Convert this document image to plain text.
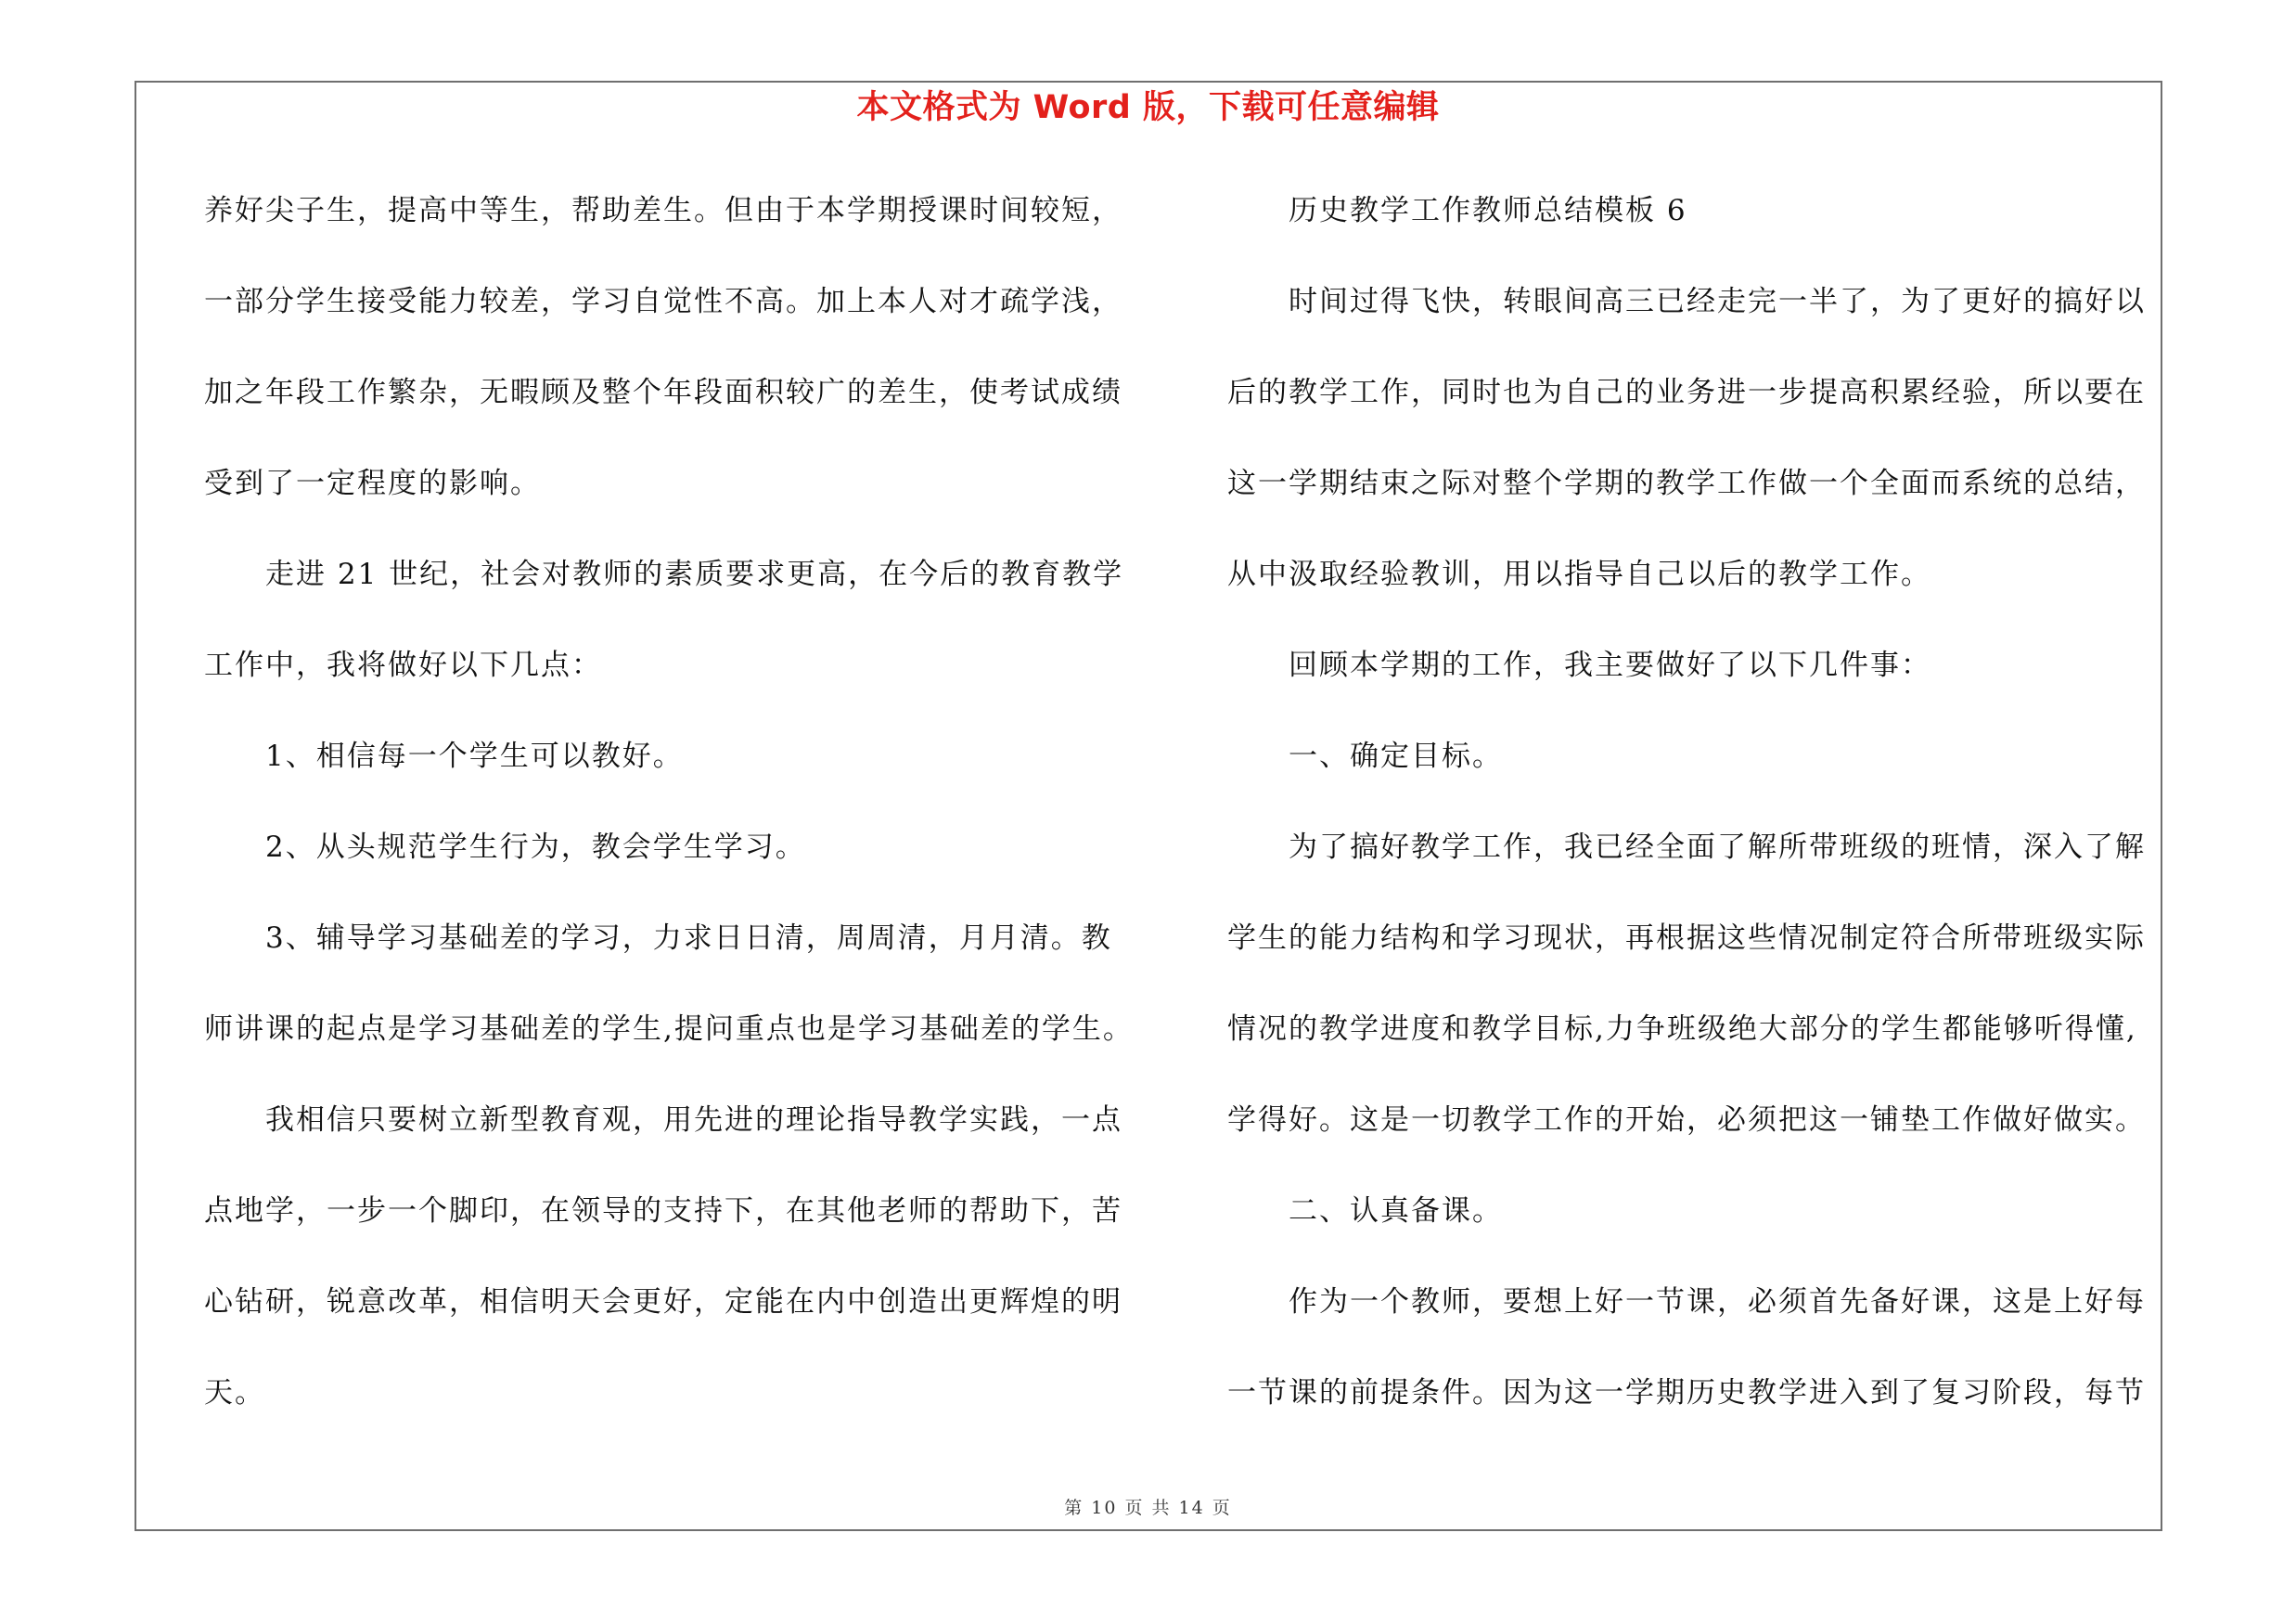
本文格式为 Word 版，下载可任意编辑
养好尖子生，提高中等生，帮助差生。但由于本学期授课时间较短，
一部分学生接受能力较差，学习自觉性不高。加上本人对才疏学浅，
加之年段工作繁杂，无暇顾及整个年段面积较广的差生，使考试成绩
受到了一定程度的影响。
走进 21 世纪，社会对教师的素质要求更高，在今后的教育教学
工作中，我将做好以下几点：
1、相信每一个学生可以教好。
2、从头规范学生行为，教会学生学习。
3、辅导学习基础差的学习，力求日日清，周周清，月月清。教
师讲课的起点是学习基础差的学生,提问重点也是学习基础差的学生。
我相信只要树立新型教育观，用先进的理论指导教学实践，一点
点地学，一步一个脚印，在领导的支持下，在其他老师的帮助下，苦
心钻研，锐意改革，相信明天会更好，定能在内中创造出更辉煌的明
天。
历史教学工作教师总结模板 6
时间过得飞快，转眼间高三已经走完一半了，为了更好的搞好以
后的教学工作，同时也为自己的业务进一步提高积累经验，所以要在
这一学期结束之际对整个学期的教学工作做一个全面而系统的总结，
从中汲取经验教训，用以指导自己以后的教学工作。
回顾本学期的工作，我主要做好了以下几件事：
一、确定目标。
为了搞好教学工作，我已经全面了解所带班级的班情，深入了解
学生的能力结构和学习现状，再根据这些情况制定符合所带班级实际
情况的教学进度和教学目标,力争班级绝大部分的学生都能够听得懂,
学得好。这是一切教学工作的开始，必须把这一铺垫工作做好做实。
二、认真备课。
作为一个教师，要想上好一节课，必须首先备好课，这是上好每
一节课的前提条件。因为这一学期历史教学进入到了复习阶段，每节
第 10 页 共 14 页
